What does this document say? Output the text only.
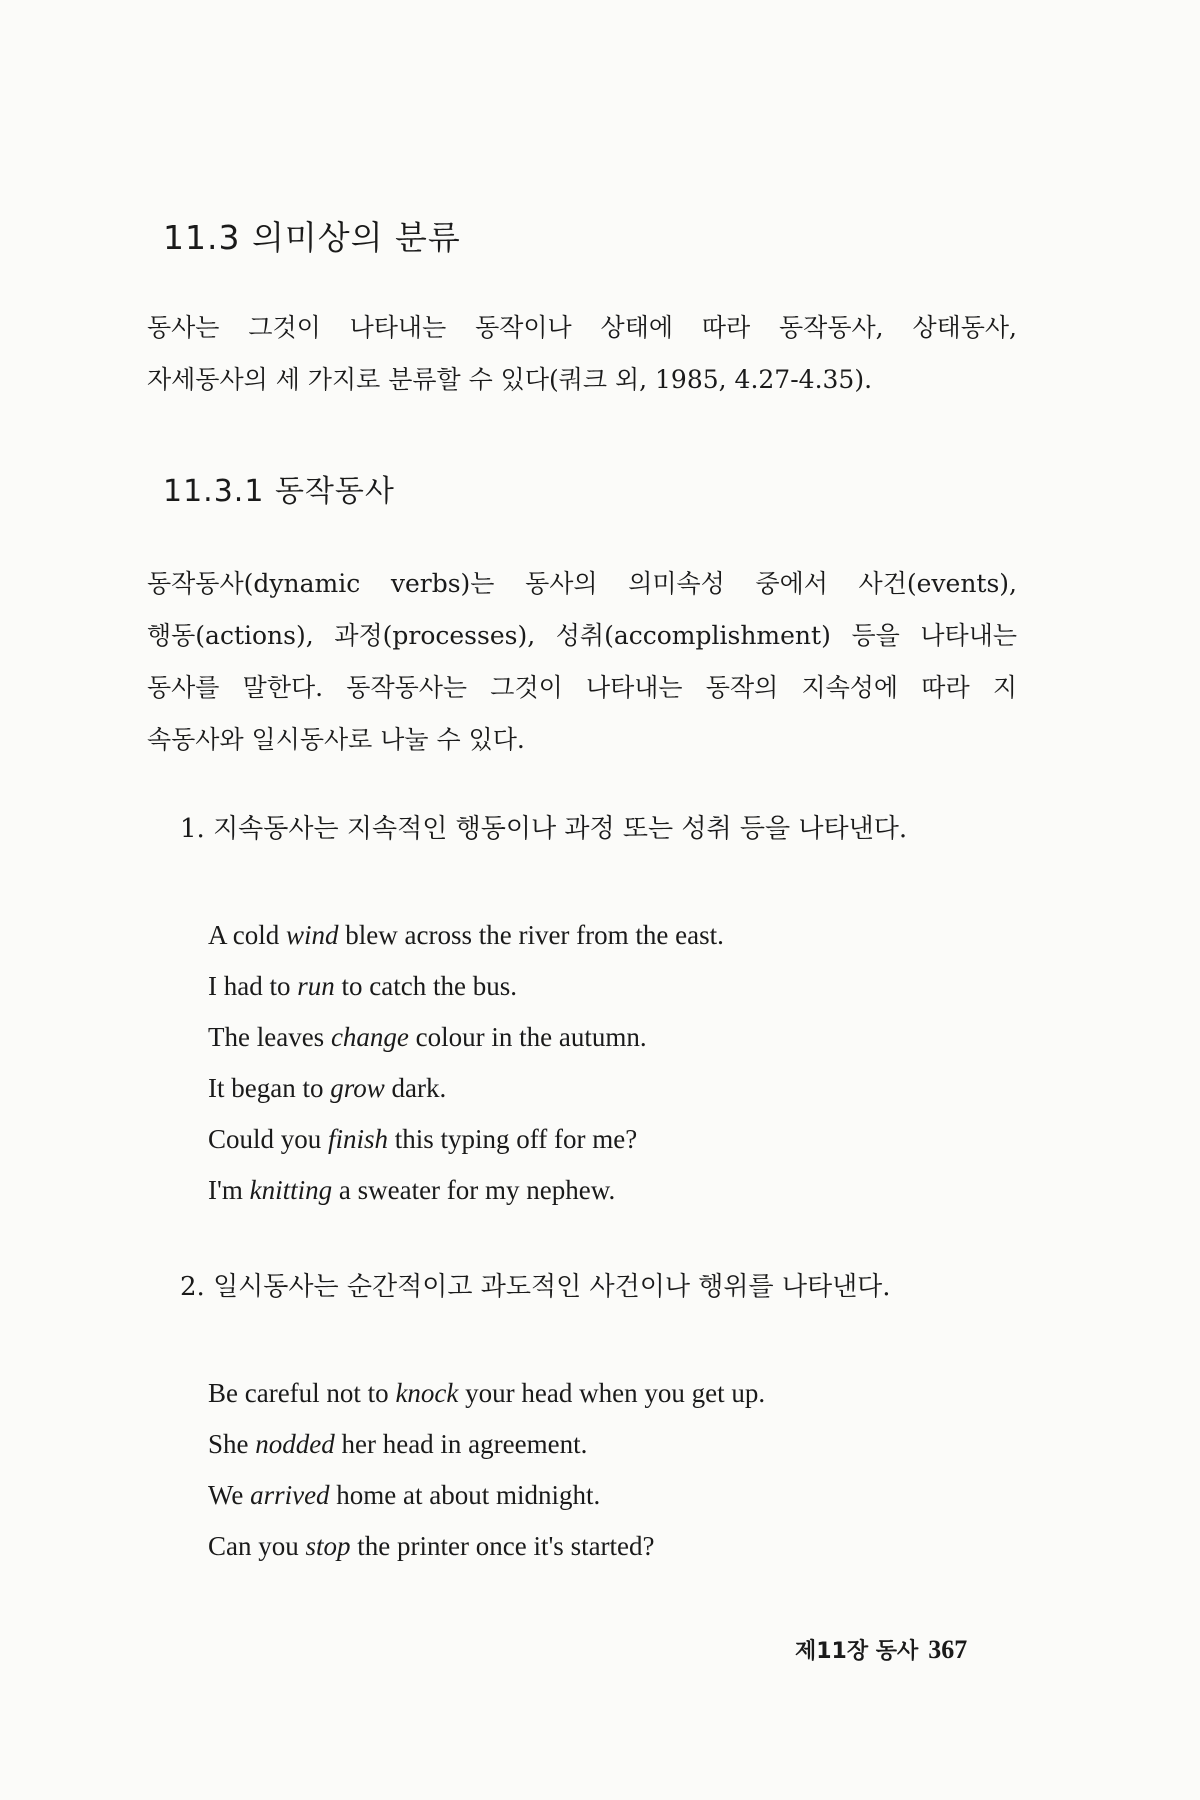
11.3 의미상의 분류

동사는 그것이 나타내는 동작이나 상태에 따라 동작동사, 상태동사,
자세동사의 세 가지로 분류할 수 있다(쿼크 외, 1985, 4.27-4.35).

11.3.1 동작동사

동작동사(dynamic verbs)는 동사의 의미속성 중에서 사건(events),
행동(actions), 과정(processes), 성취(accomplishment) 등을 나타내는
동사를 말한다. 동작동사는 그것이 나타내는 동작의 지속성에 따라 지
속동사와 일시동사로 나눌 수 있다.

1. 지속동사는 지속적인 행동이나 과정 또는 성취 등을 나타낸다.

A cold wind blew across the river from the east.
I had to run to catch the bus.
The leaves change colour in the autumn.
It began to grow dark.
Could you finish this typing off for me?
I'm knitting a sweater for my nephew.

2. 일시동사는 순간적이고 과도적인 사건이나 행위를 나타낸다.

Be careful not to knock your head when you get up.
She nodded her head in agreement.
We arrived home at about midnight.
Can you stop the printer once it's started?
제11장 동사 367
